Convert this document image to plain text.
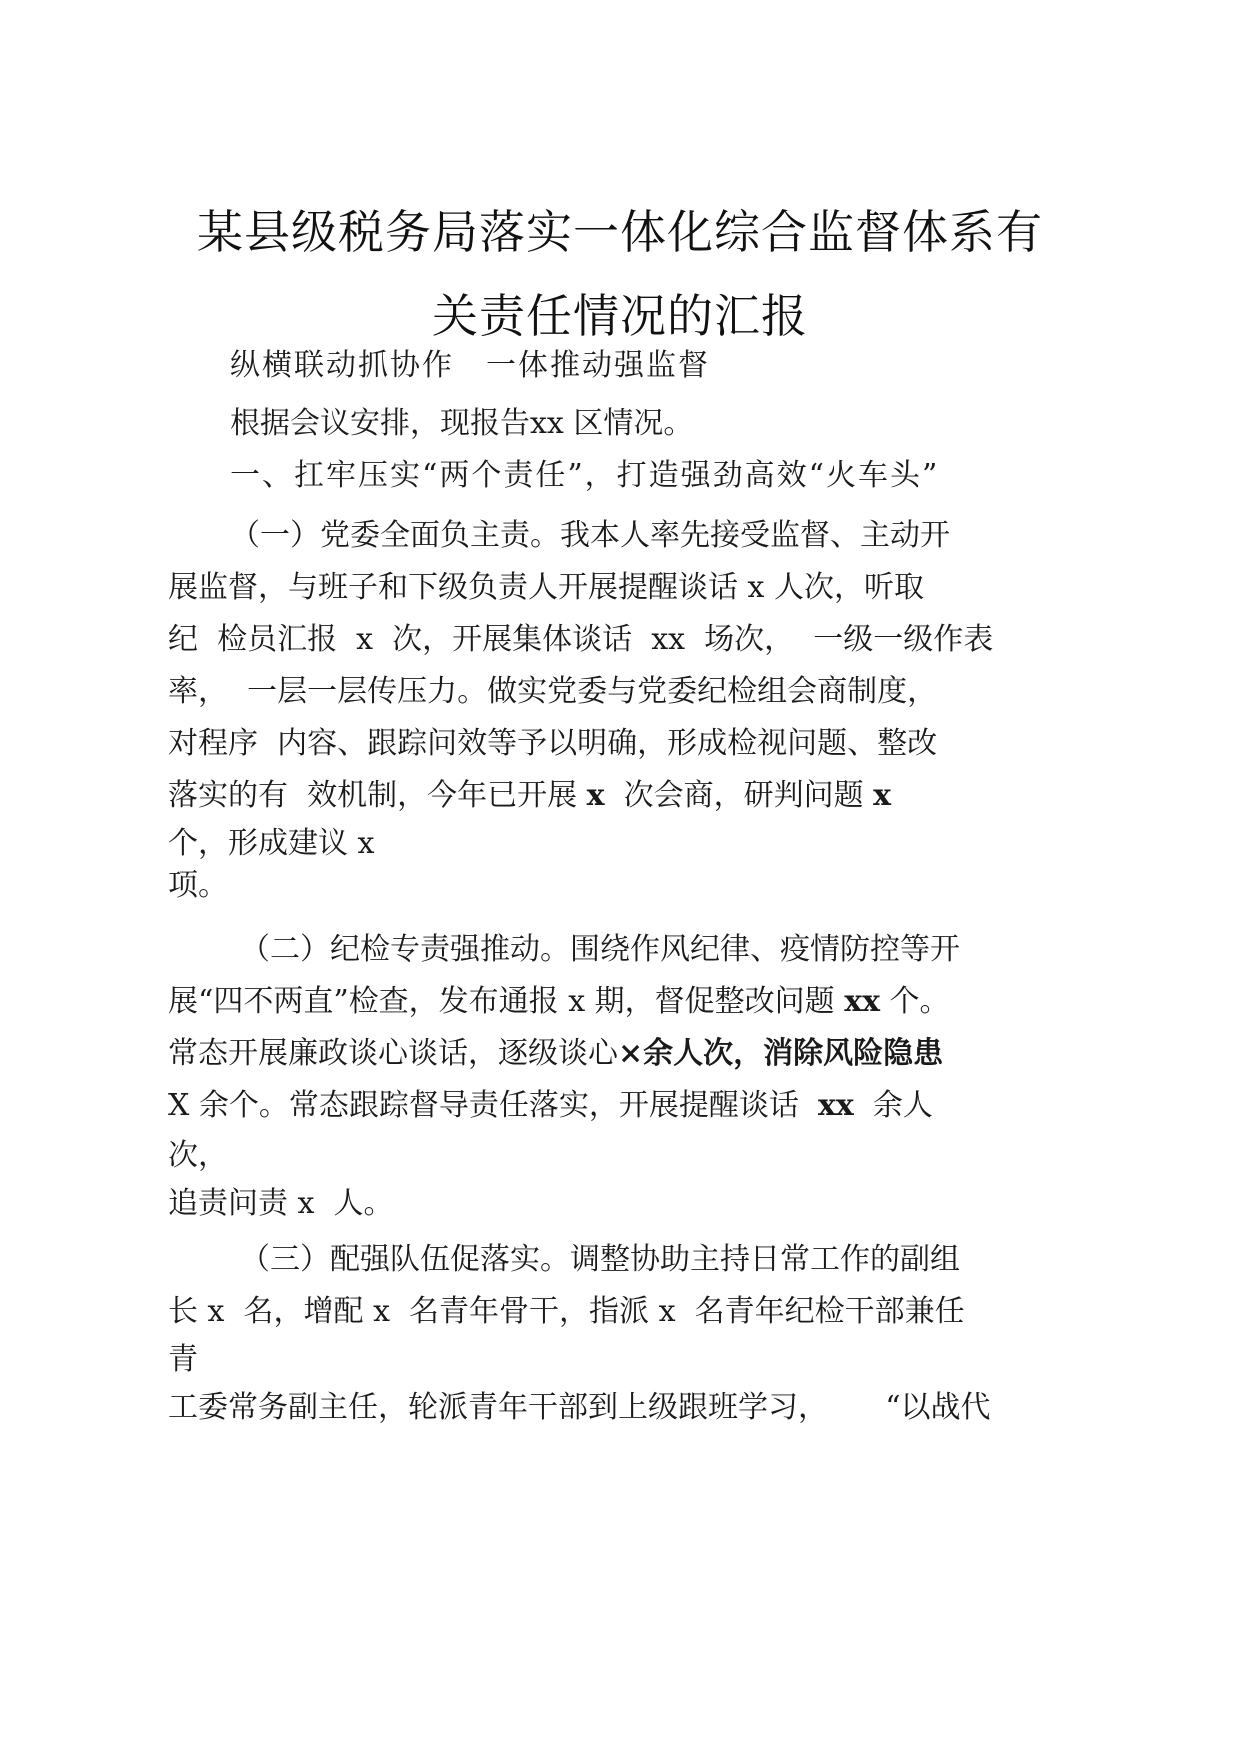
某县级税务局落实一体化综合监督体系有
关责任情况的汇报
纵横联动抓协作　一体推动强监督
根据会议安排，现报告xx 区情况。
一、扛牢压实“两个责任”，打造强劲高效“火车头”
（一）党委全面负主责。我本人率先接受监督、主动开
展监督，与班子和下级负责人开展提醒谈话 x 人次，听取
纪  检员汇报  x  次，开展集体谈话  xx  场次，  一级一级作表
率，  一层一层传压力。做实党委与党委纪检组会商制度，
对程序  内容、跟踪问效等予以明确，形成检视问题、整改
落实的有  效机制，今年已开展 x  次会商，研判问题 x
个，形成建议 x
项。
（二）纪检专责强推动。围绕作风纪律、疫情防控等开
展“四不两直”检查，发布通报 x 期，督促整改问题 xx 个。
常态开展廉政谈心谈话，逐级谈心×余人次，消除风险隐患
X 余个。常态跟踪督导责任落实，开展提醒谈话  xx  余人
次，
追责问责 x  人。
（三）配强队伍促落实。调整协助主持日常工作的副组
长 x  名，增配 x  名青年骨干，指派 x  名青年纪检干部兼任
青
工委常务副主任，轮派青年干部到上级跟班学习，      “以战代
